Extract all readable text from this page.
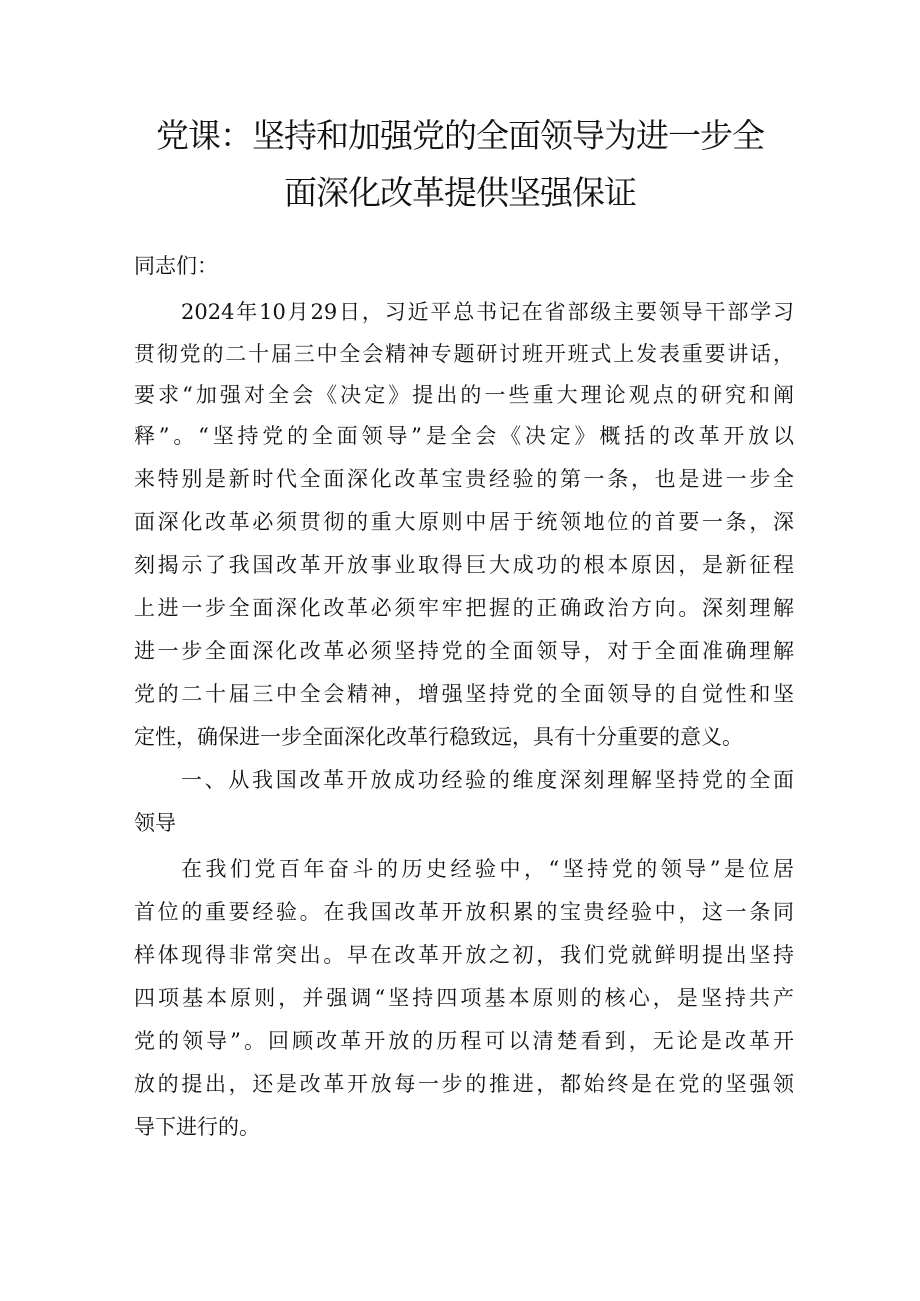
党课：坚持和加强党的全面领导为进一步全
面深化改革提供坚强保证
同志们：
2024年10月29日，习近平总书记在省部级主要领导干部学习
贯彻党的二十届三中全会精神专题研讨班开班式上发表重要讲话，
要求“加强对全会《决定》提出的一些重大理论观点的研究和阐
释”。“坚持党的全面领导”是全会《决定》概括的改革开放以
来特别是新时代全面深化改革宝贵经验的第一条，也是进一步全
面深化改革必须贯彻的重大原则中居于统领地位的首要一条，深
刻揭示了我国改革开放事业取得巨大成功的根本原因，是新征程
上进一步全面深化改革必须牢牢把握的正确政治方向。深刻理解
进一步全面深化改革必须坚持党的全面领导，对于全面准确理解
党的二十届三中全会精神，增强坚持党的全面领导的自觉性和坚
定性，确保进一步全面深化改革行稳致远，具有十分重要的意义。
一、从我国改革开放成功经验的维度深刻理解坚持党的全面
领导
在我们党百年奋斗的历史经验中，“坚持党的领导”是位居
首位的重要经验。在我国改革开放积累的宝贵经验中，这一条同
样体现得非常突出。早在改革开放之初，我们党就鲜明提出坚持
四项基本原则，并强调“坚持四项基本原则的核心，是坚持共产
党的领导”。回顾改革开放的历程可以清楚看到，无论是改革开
放的提出，还是改革开放每一步的推进，都始终是在党的坚强领
导下进行的。
